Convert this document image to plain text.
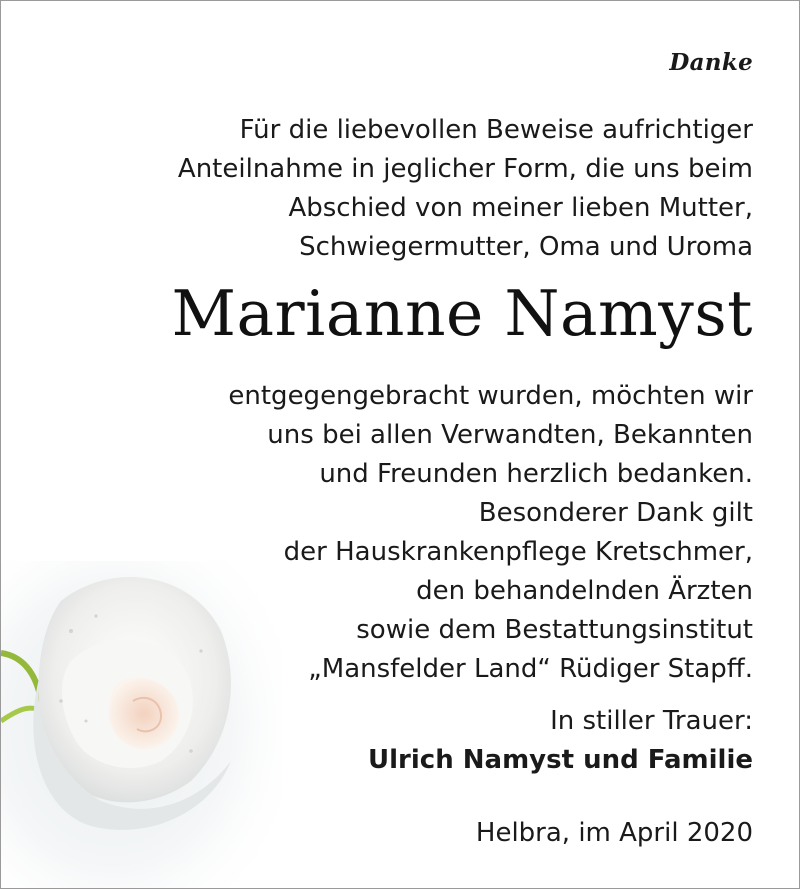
Danke
Für die liebevollen Beweise aufrichtiger
Anteilnahme in jeglicher Form, die uns beim
Abschied von meiner lieben Mutter,
Schwiegermutter, Oma und Uroma
Marianne Namyst
entgegengebracht wurden, möchten wir
uns bei allen Verwandten, Bekannten
und Freunden herzlich bedanken.
Besonderer Dank gilt
der Hauskrankenpflege Kretschmer,
den behandelnden Ärzten
sowie dem Bestattungsinstitut
„Mansfelder Land“ Rüdiger Stapff.
In stiller Trauer:
Ulrich Namyst und Familie
Helbra, im April 2020
